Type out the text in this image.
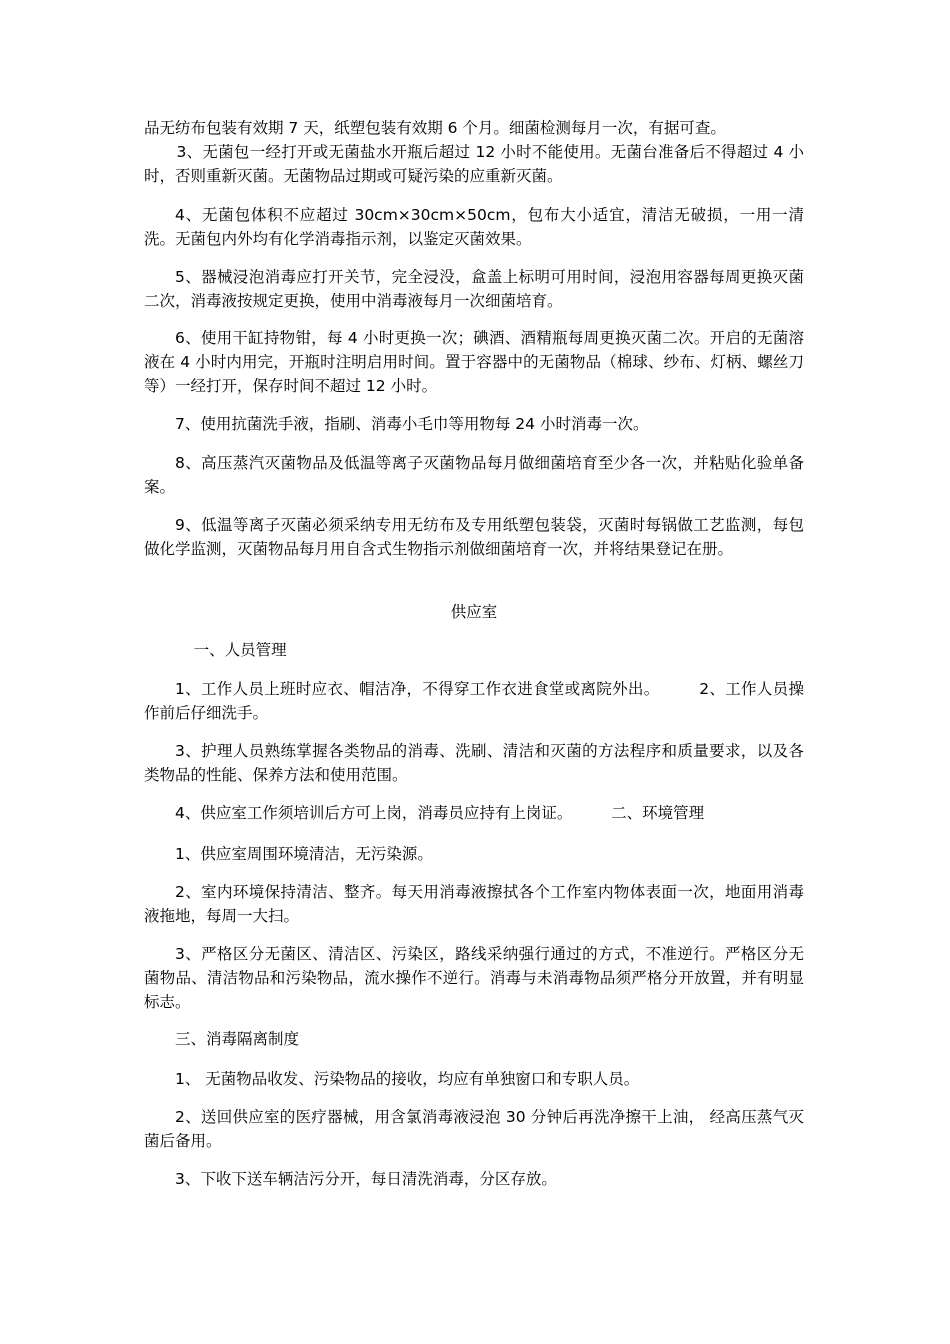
品无纺布包装有效期 7 天，纸塑包装有效期 6 个月。细菌检测每月一次，有据可查。

3、无菌包一经打开或无菌盐水开瓶后超过 12 小时不能使用。无菌台准备后不得超过 4 小时，否则重新灭菌。无菌物品过期或可疑污染的应重新灭菌。

4、无菌包体积不应超过 30cm×30cm×50cm，包布大小适宜，清洁无破损，一用一清洗。无菌包内外均有化学消毒指示剂，以鉴定灭菌效果。

5、器械浸泡消毒应打开关节，完全浸没，盒盖上标明可用时间，浸泡用容器每周更换灭菌二次，消毒液按规定更换，使用中消毒液每月一次细菌培育。

6、使用干缸持物钳，每 4 小时更换一次；碘酒、酒精瓶每周更换灭菌二次。开启的无菌溶液在 4 小时内用完，开瓶时注明启用时间。置于容器中的无菌物品（棉球、纱布、灯柄、螺丝刀等）一经打开，保存时间不超过 12 小时。

7、使用抗菌洗手液，指刷、消毒小毛巾等用物每 24 小时消毒一次。

8、高压蒸汽灭菌物品及低温等离子灭菌物品每月做细菌培育至少各一次，并粘贴化验单备案。

9、低温等离子灭菌必须采纳专用无纺布及专用纸塑包装袋，灭菌时每锅做工艺监测，每包做化学监测，灭菌物品每月用自含式生物指示剂做细菌培育一次，并将结果登记在册。

供应室

一、人员管理

1、工作人员上班时应衣、帽洁净，不得穿工作衣进食堂或离院外出。　　　2、工作人员操作前后仔细洗手。

3、护理人员熟练掌握各类物品的消毒、洗刷、清洁和灭菌的方法程序和质量要求，以及各类物品的性能、保养方法和使用范围。

4、供应室工作须培训后方可上岗，消毒员应持有上岗证。　　　二、环境管理

1、供应室周围环境清洁，无污染源。

2、室内环境保持清洁、整齐。每天用消毒液擦拭各个工作室内物体表面一次，地面用消毒液拖地，每周一大扫。

3、严格区分无菌区、清洁区、污染区，路线采纳强行通过的方式，不准逆行。严格区分无菌物品、清洁物品和污染物品，流水操作不逆行。消毒与未消毒物品须严格分开放置，并有明显标志。

三、消毒隔离制度

1、 无菌物品收发、污染物品的接收，均应有单独窗口和专职人员。

2、送回供应室的医疗器械，用含氯消毒液浸泡 30 分钟后再洗净擦干上油， 经高压蒸气灭菌后备用。

3、下收下送车辆洁污分开，每日清洗消毒，分区存放。
